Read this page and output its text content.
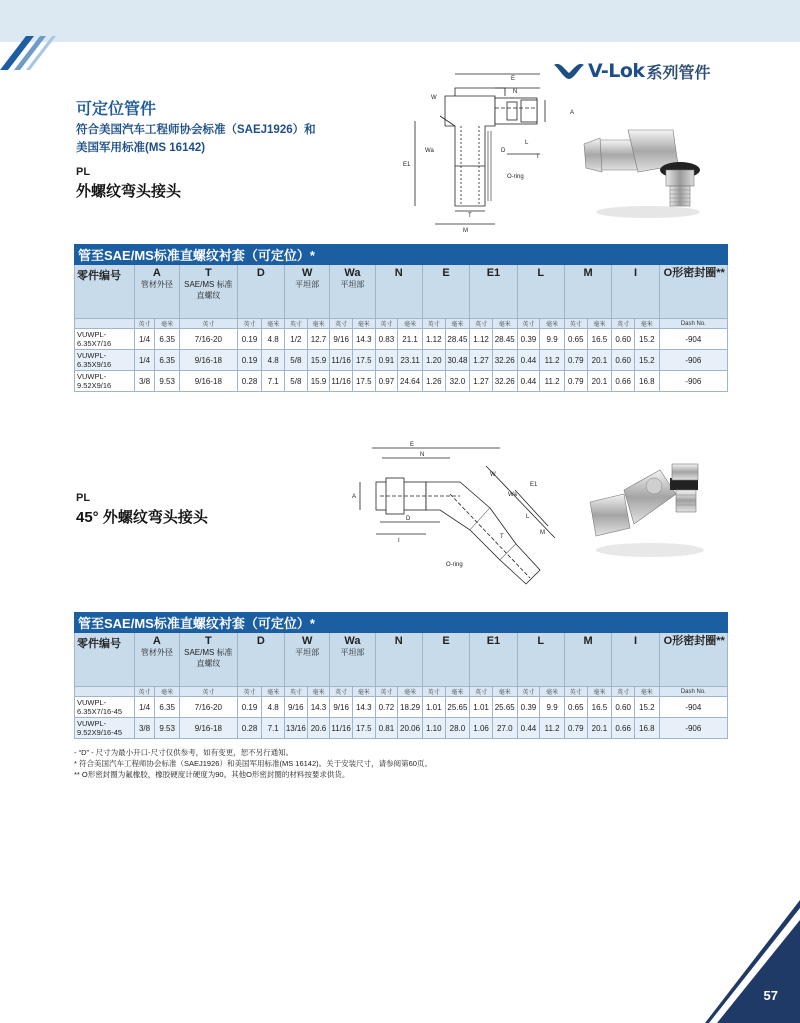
V-Lok 系列管件
可定位管件
符合美国汽车工程师协会标准（SAEJ1926）和
美国军用标准(MS 16142)
PL
外螺纹弯头接头
E
N
W
Wa
A
E1
D
L
I
T
M
O-ring
管至SAE/MS标准直螺纹衬套（可定位）*																						
零件编号	A
管材外径		T
SAE/MS 标准 直螺纹	D		W
平坦部		Wa
平坦部		N		E		E1		L		M		I		O形密封圈**
	英寸	毫米	英寸	英寸	毫米	英寸	毫米	英寸	毫米	英寸	毫米	英寸	毫米	英寸	毫米	英寸	毫米	英寸	毫米	英寸	毫米	Dash No.
VUWPL-6.35X7/16	1/4	6.35	7/16-20	0.19	4.8	1/2	12.7	9/16	14.3	0.83	21.1	1.12	28.45	1.12	28.45	0.39	9.9	0.65	16.5	0.60	15.2	-904
VUWPL-6.35X9/16	1/4	6.35	9/16-18	0.19	4.8	5/8	15.9	11/16	17.5	0.91	23.11	1.20	30.48	1.27	32.26	0.44	11.2	0.79	20.1	0.60	15.2	-906
VUWPL-9.52X9/16	3/8	9.53	9/16-18	0.28	7.1	5/8	15.9	11/16	17.5	0.97	24.64	1.26	32.0	1.27	32.26	0.44	11.2	0.79	20.1	0.66	16.8	-906
PL
45° 外螺纹弯头接头
E
N
W
Wa
A
E1
D	L
I
M
T
O-ring
管至SAE/MS标准直螺纹衬套（可定位）*																						
零件编号	A
管材外径		T
SAE/MS 标准 直螺纹	D		W
平坦部		Wa
平坦部		N		E		E1		L		M		I		O形密封圈**
	英寸	毫米	英寸	英寸	毫米	英寸	毫米	英寸	毫米	英寸	毫米	英寸	毫米	英寸	毫米	英寸	毫米	英寸	毫米	英寸	毫米	Dash No.
VUWPL-6.35X7/16-45	1/4	6.35	7/16-20	0.19	4.8	9/16	14.3	9/16	14.3	0.72	18.29	1.01	25.65	1.01	25.65	0.39	9.9	0.65	16.5	0.60	15.2	-904
VUWPL-9.52X9/16-45	3/8	9.53	9/16-18	0.28	7.1	13/16	20.6	11/16	17.5	0.81	20.06	1.10	28.0	1.06	27.0	0.44	11.2	0.79	20.1	0.66	16.8	-906
- “D” - 尺寸为最小开口-尺寸仅供参考，如有变更，恕不另行通知。
* 符合美国汽车工程师协会标准（SAEJ1926）和美国军用标准(MS 16142)。关于安装尺寸，请参阅第60页。
** O形密封圈为氟橡胶，橡胶硬度计硬度为90。其他O形密封圈的材料按要求供货。
57
